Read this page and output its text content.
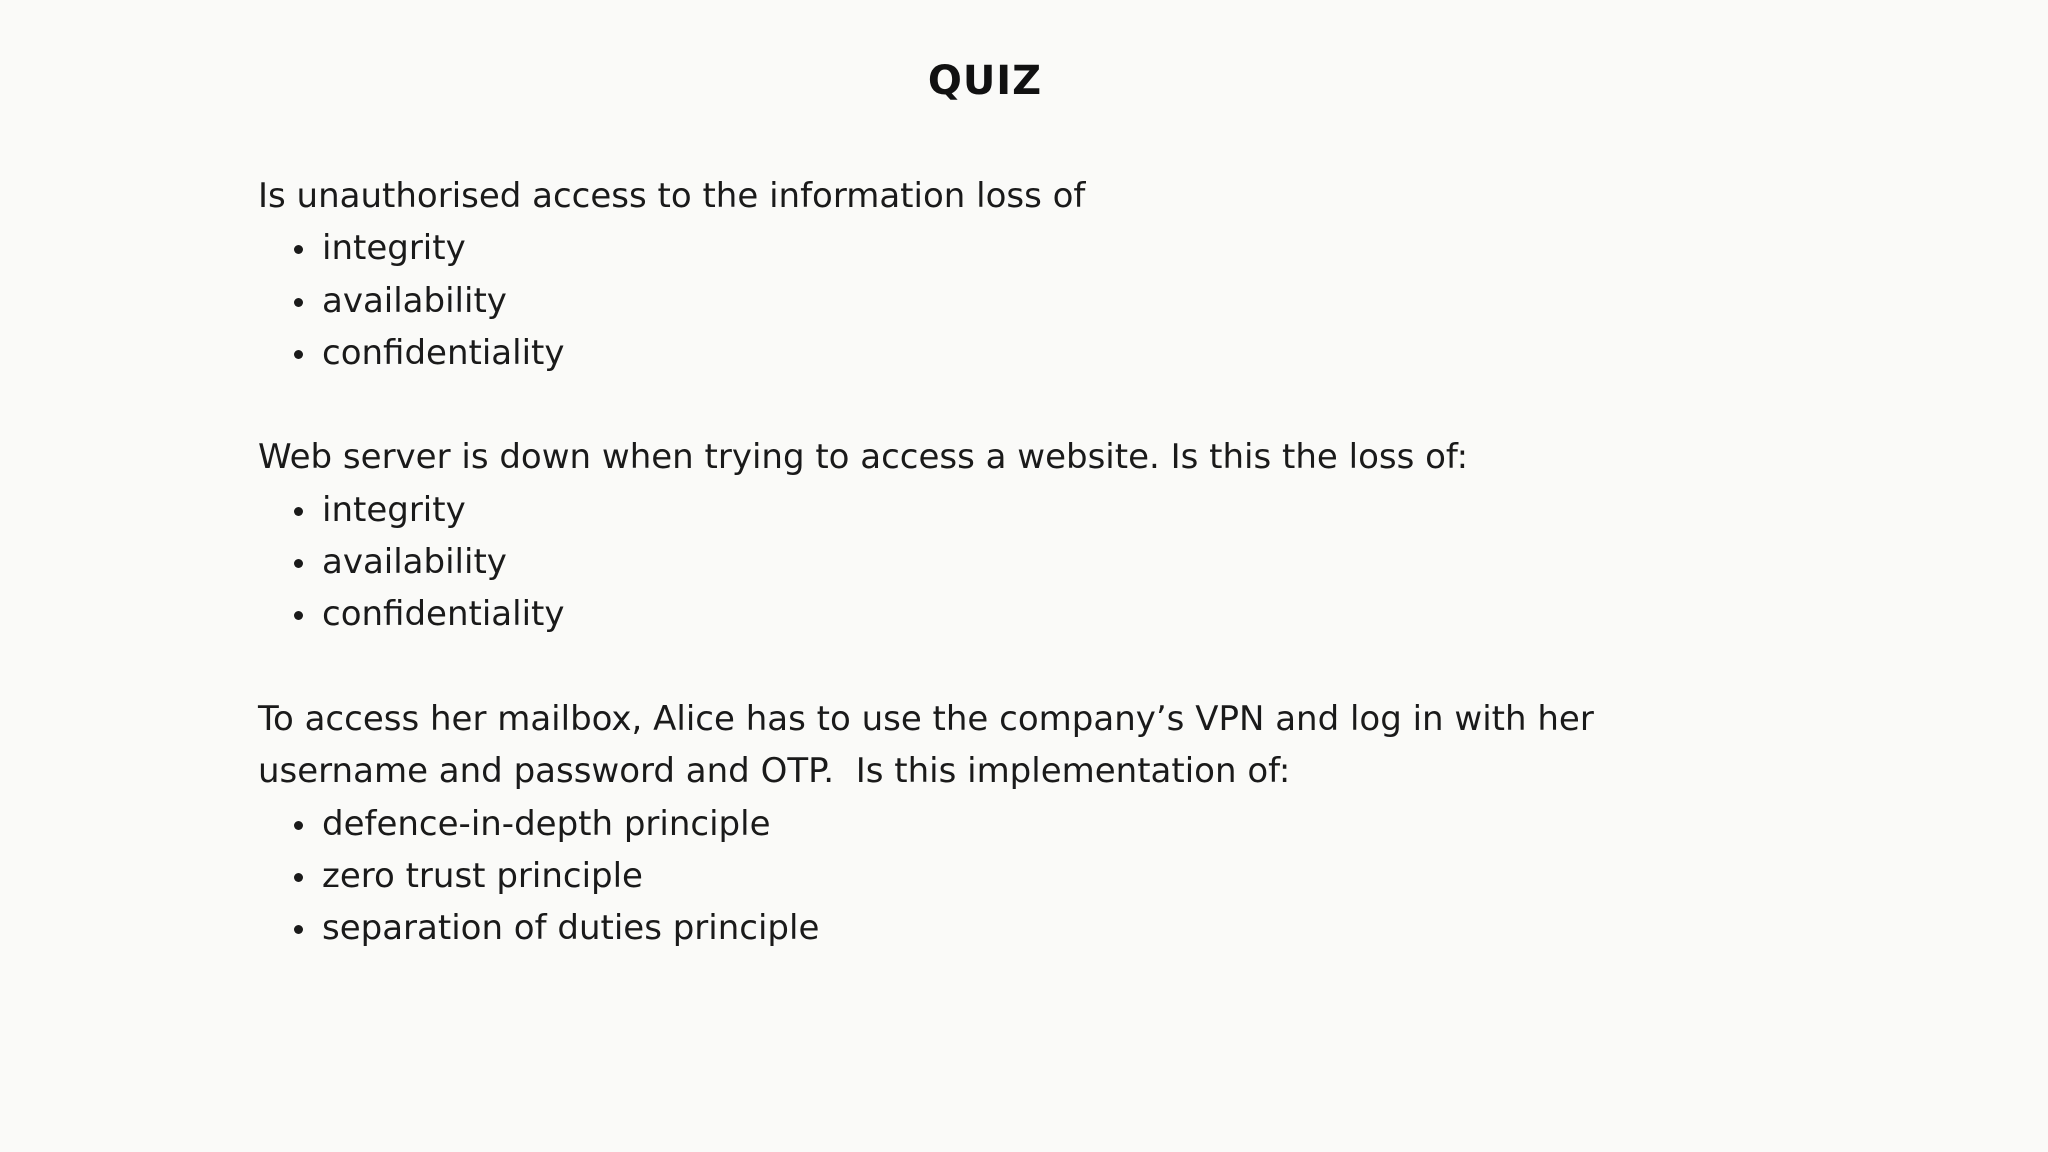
QUIZ

Is unauthorised access to the information loss of

integrity
availability
confidentiality

Web server is down when trying to access a website. Is this the loss of:

integrity
availability
confidentiality

To access her mailbox, Alice has to use the company’s VPN and log in with her

username and password and OTP.  Is this implementation of:

defence-in-depth principle
zero trust principle
separation of duties principle
